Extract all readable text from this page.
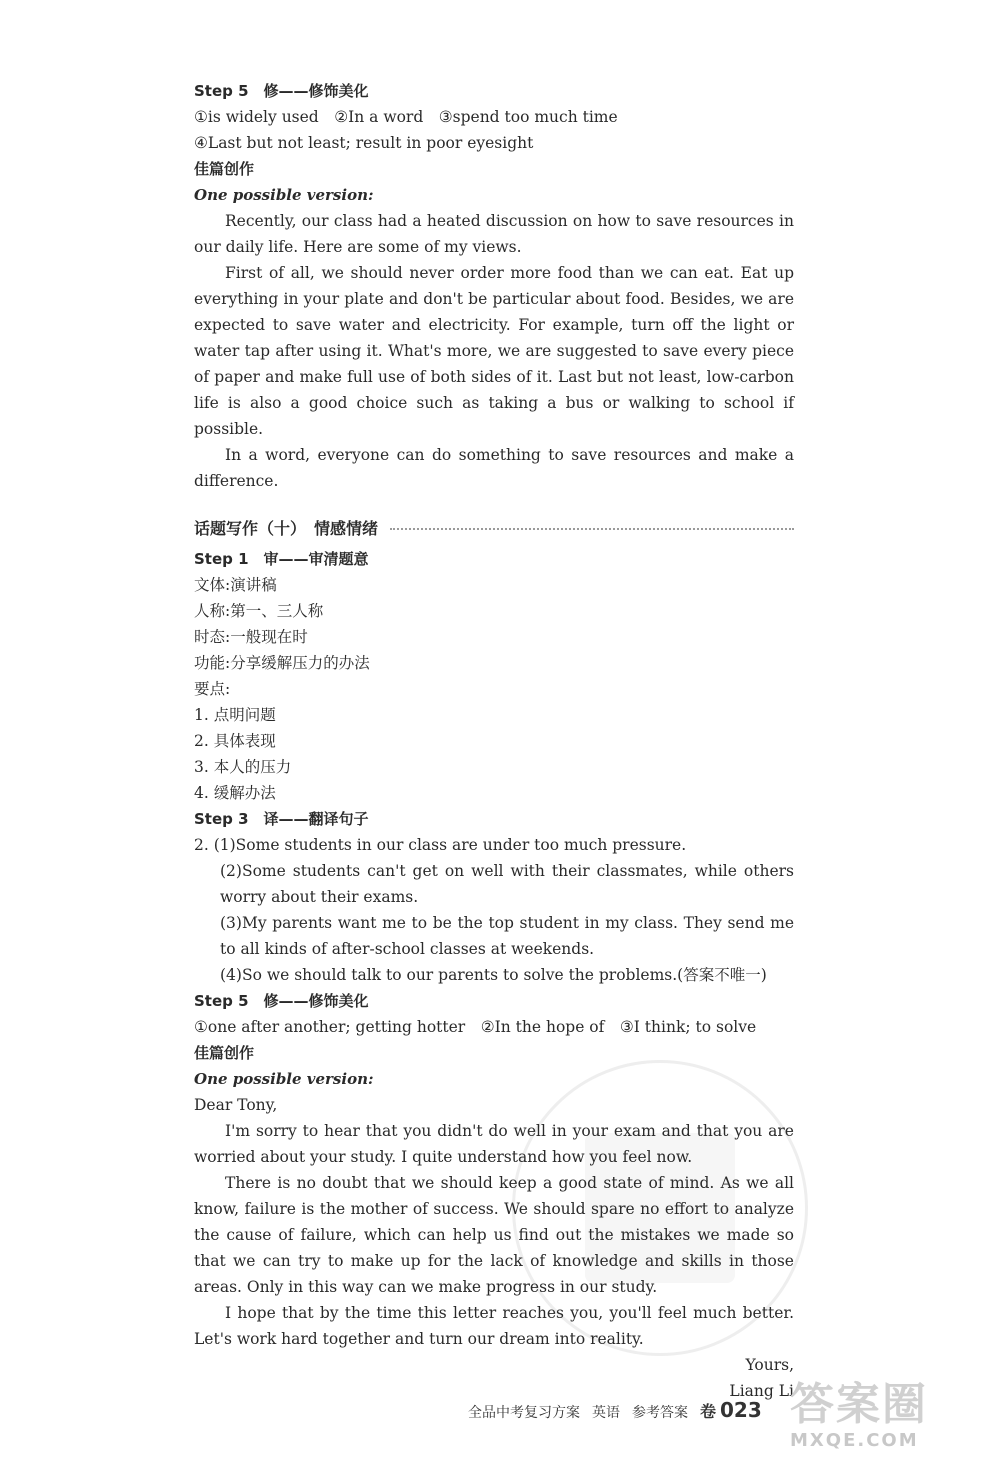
Step 5　修——修饰美化
①is widely used　②In a word　③spend too much time
④Last but not least; result in poor eyesight
佳篇创作
One possible version:

Recently, our class had a heated discussion on how to save resources in our daily life. Here are some of my views.

First of all, we should never order more food than we can eat. Eat up everything in your plate and don't be particular about food. Besides, we are expected to save water and electricity. For example, turn off the light or water tap after using it. What's more, we are suggested to save every piece of paper and make full use of both sides of it. Last but not least, low-carbon life is also a good choice such as taking a bus or walking to school if possible.

In a word, everyone can do something to save resources and make a difference.

话题写作（十）　情感情绪
Step 1　审——审清题意
文体:演讲稿
人称:第一、三人称
时态:一般现在时
功能:分享缓解压力的办法
要点:
1. 点明问题
2. 具体表现
3. 本人的压力
4. 缓解办法
Step 3　译——翻译句子
2. (1)Some students in our class are under too much pressure.
(2)Some students can't get on well with their classmates, while others worry about their exams.
(3)My parents want me to be the top student in my class. They send me to all kinds of after-school classes at weekends.
(4)So we should talk to our parents to solve the problems.(答案不唯一)
Step 5　修——修饰美化
①one after another; getting hotter　②In the hope of　③I think; to solve
佳篇创作
One possible version:
Dear Tony,

I'm sorry to hear that you didn't do well in your exam and that you are worried about your study. I quite understand how you feel now.

There is no doubt that we should keep a good state of mind. As we all know, failure is the mother of success. We should spare no effort to analyze the cause of failure, which can help us find out the mistakes we made so that we can try to make up for the lack of knowledge and skills in those areas. Only in this way can we make progress in our study.

I hope that by the time this letter reaches you, you'll feel much better. Let's work hard together and turn our dream into reality.

Yours,
Liang Li
全品中考复习方案 英语 参考答案 卷 023 答案圈
MXQE.COM
